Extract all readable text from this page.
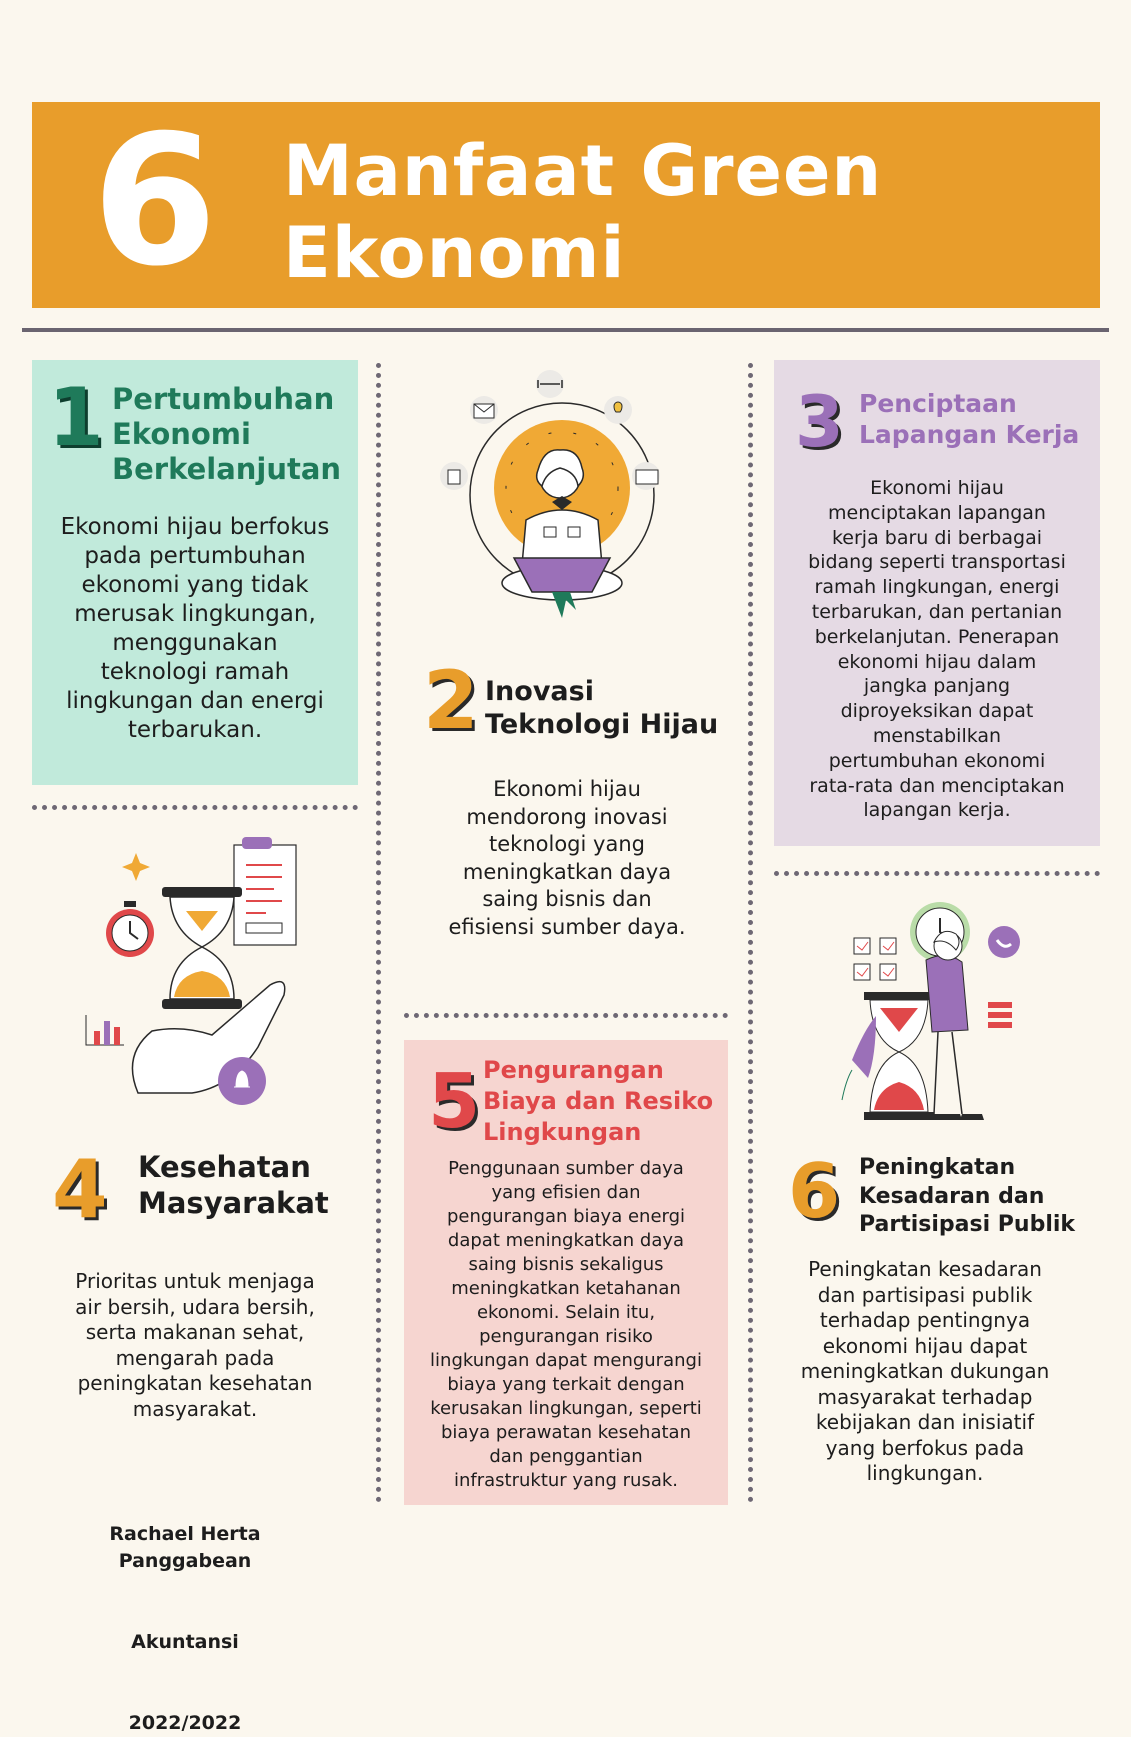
6 Manfaat Green
Ekonomi
1 Pertumbuhan
Ekonomi
Berkelanjutan
Ekonomi hijau berfokus
pada pertumbuhan
ekonomi yang tidak
merusak lingkungan,
menggunakan
teknologi ramah
lingkungan dan energi
terbarukan.	2 Inovasi
Teknologi Hijau
Ekonomi hijau
mendorong inovasi
teknologi yang
meningkatkan daya
saing bisnis dan
efisiensi sumber daya.
3 Penciptaan
Lapangan Kerja
Ekonomi hijau
menciptakan lapangan
kerja baru di berbagai
bidang seperti transportasi
ramah lingkungan, energi
terbarukan, dan pertanian
berkelanjutan. Penerapan
ekonomi hijau dalam
jangka panjang
diproyeksikan dapat
menstabilkan
pertumbuhan ekonomi
rata-rata dan menciptakan
lapangan kerja.
4 Kesehatan
Masyarakat
Prioritas untuk menjaga
air bersih, udara bersih,
serta makanan sehat,
mengarah pada
peningkatan kesehatan
masyarakat.
5 Pengurangan
Biaya dan Resiko
Lingkungan
Penggunaan sumber daya
yang efisien dan
pengurangan biaya energi
dapat meningkatkan daya
saing bisnis sekaligus
meningkatkan ketahanan
ekonomi. Selain itu,
pengurangan risiko
lingkungan dapat mengurangi
biaya yang terkait dengan
kerusakan lingkungan, seperti
biaya perawatan kesehatan
dan penggantian
infrastruktur yang rusak.
6 Peningkatan
Kesadaran dan
Partisipasi Publik
Peningkatan kesadaran
dan partisipasi publik
terhadap pentingnya
ekonomi hijau dapat
meningkatkan dukungan
masyarakat terhadap
kebijakan dan inisiatif
yang berfokus pada
lingkungan.

Rachael Herta Panggabean

Akuntansi

2022/2022
